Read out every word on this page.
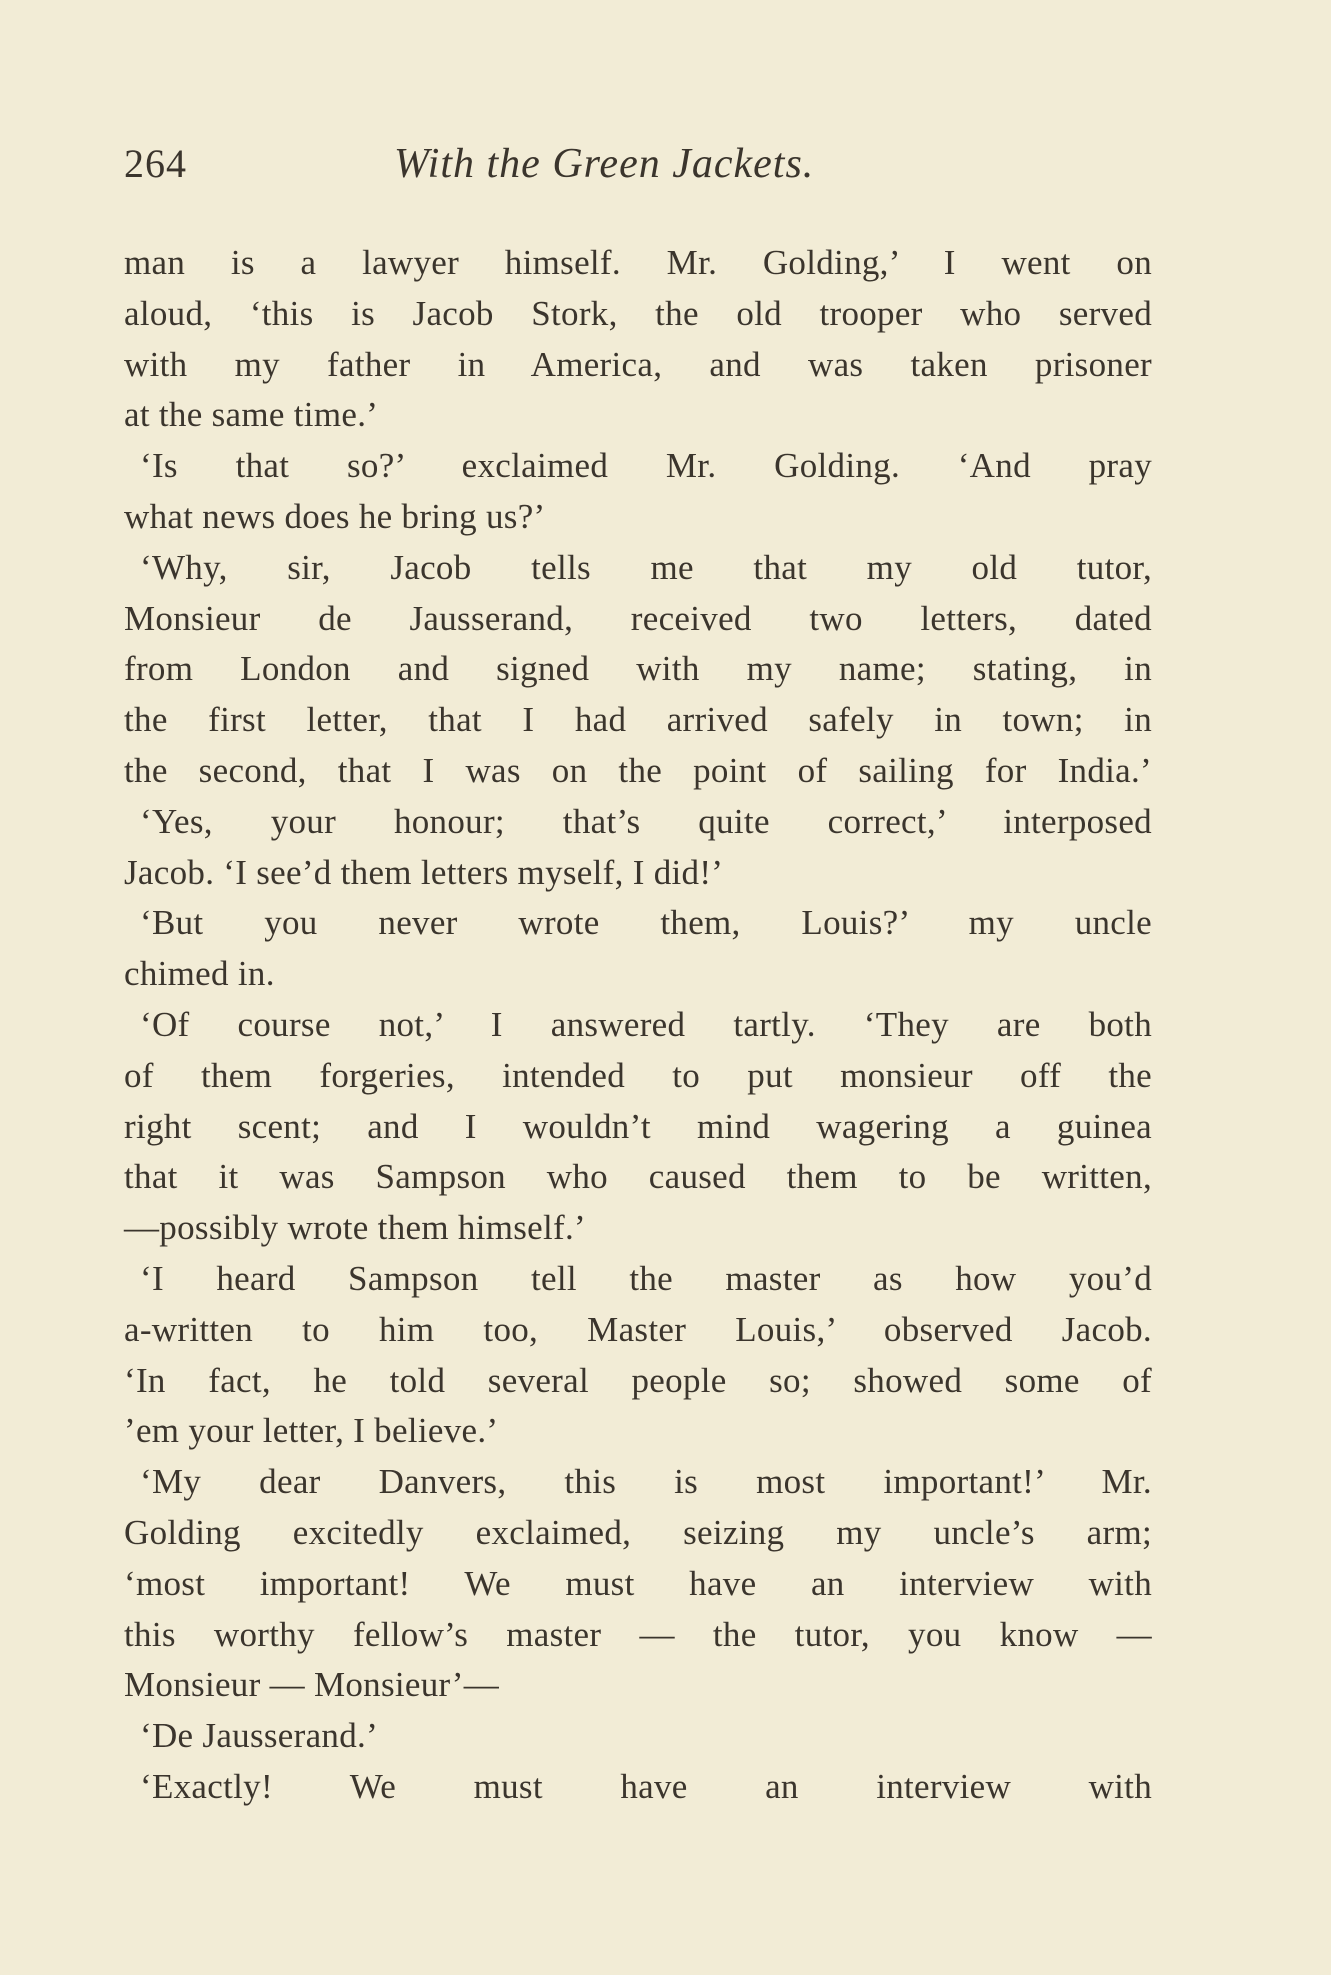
264	With the Green Jackets.
man is a lawyer himself. Mr. Golding,’ I went on
aloud, ‘this is Jacob Stork, the old trooper who served
with my father in America, and was taken prisoner
at the same time.’
‘Is that so?’ exclaimed Mr. Golding. ‘And pray
what news does he bring us?’
‘Why, sir, Jacob tells me that my old tutor,
Monsieur de Jausserand, received two letters, dated
from London and signed with my name; stating, in
the first letter, that I had arrived safely in town; in
the second, that I was on the point of sailing for India.’
‘Yes, your honour; that’s quite correct,’ interposed
Jacob. ‘I see’d them letters myself, I did!’
‘But you never wrote them, Louis?’ my uncle
chimed in.
‘Of course not,’ I answered tartly. ‘They are both
of them forgeries, intended to put monsieur off the
right scent; and I wouldn’t mind wagering a guinea
that it was Sampson who caused them to be written,
—possibly wrote them himself.’
‘I heard Sampson tell the master as how you’d
a-written to him too, Master Louis,’ observed Jacob.
‘In fact, he told several people so; showed some of
’em your letter, I believe.’
‘My dear Danvers, this is most important!’ Mr.
Golding excitedly exclaimed, seizing my uncle’s arm;
‘most important! We must have an interview with
this worthy fellow’s master — the tutor, you know —
Monsieur — Monsieur’—
‘De Jausserand.’
‘Exactly! We must have an interview with
